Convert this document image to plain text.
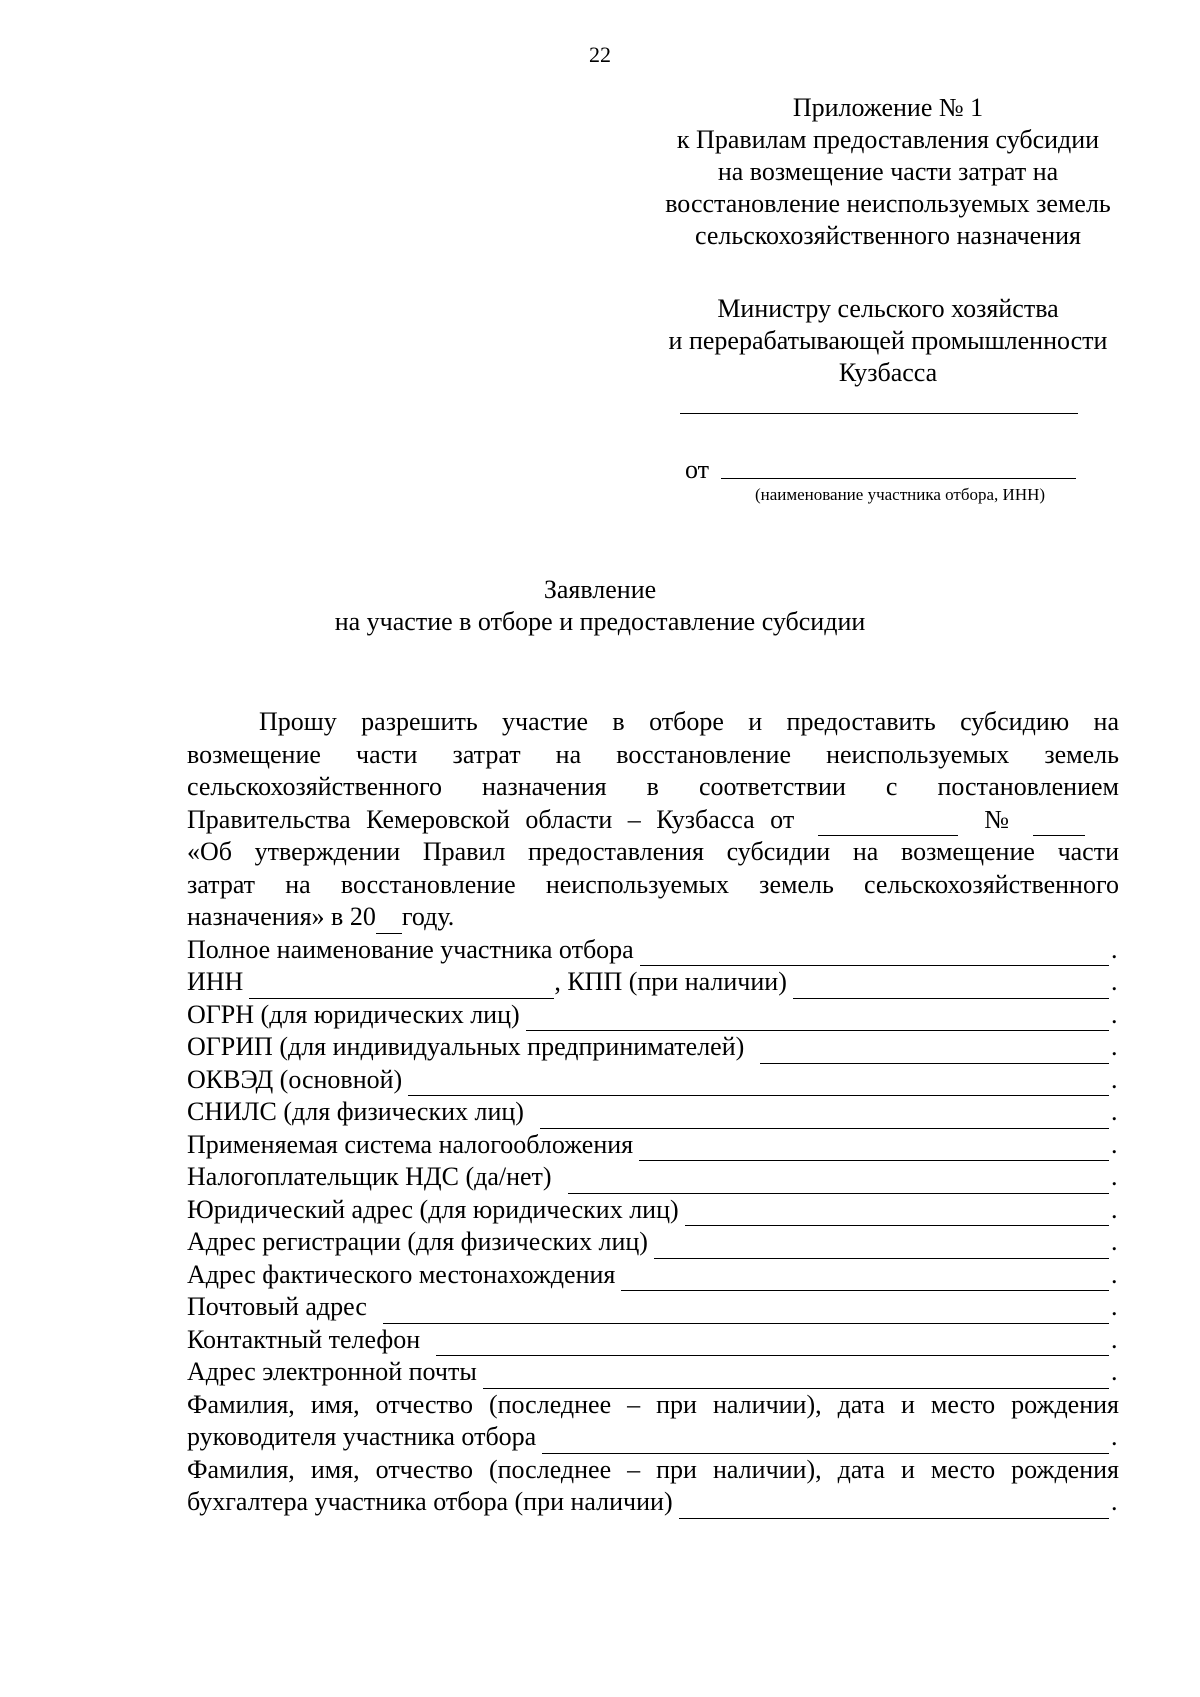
22
Приложение № 1
к Правилам предоставления субсидии
на возмещение части затрат на
восстановление неиспользуемых земель
сельскохозяйственного назначения
Министру сельского хозяйства
и перерабатывающей промышленности
Кузбасса
от
(наименование участника отбора, ИНН)
Заявление
на участие в отборе и предоставление субсидии

Прошу разрешить участие в отборе и предоставить субсидию на

возмещение части затрат на восстановление неиспользуемых земель

сельскохозяйственного назначения в соответствии с постановлением

Правительства Кемеровской области – Кузбасса от	№

«Об утверждении Правил предоставления субсидии на возмещение части

затрат на восстановление неиспользуемых земель сельскохозяйственного

назначения» в 20 году.
Полное наименование участника отбора	.
ИНН	, КПП (при наличии)	.
ОГРН (для юридических лиц)	.
ОГРИП (для индивидуальных предпринимателей)	.
ОКВЭД (основной)	.
СНИЛС (для физических лиц)	.
Применяемая система налогообложения	.
Налогоплательщик НДС (да/нет)	.
Юридический адрес (для юридических лиц)	.
Адрес регистрации (для физических лиц)	.
Адрес фактического местонахождения	.
Почтовый адрес	.
Контактный телефон	.
Адрес электронной почты	.

Фамилия, имя, отчество (последнее – при наличии), дата и место рождения

руководителя участника отбора	.

Фамилия, имя, отчество (последнее – при наличии), дата и место рождения

бухгалтера участника отбора (при наличии)	.
